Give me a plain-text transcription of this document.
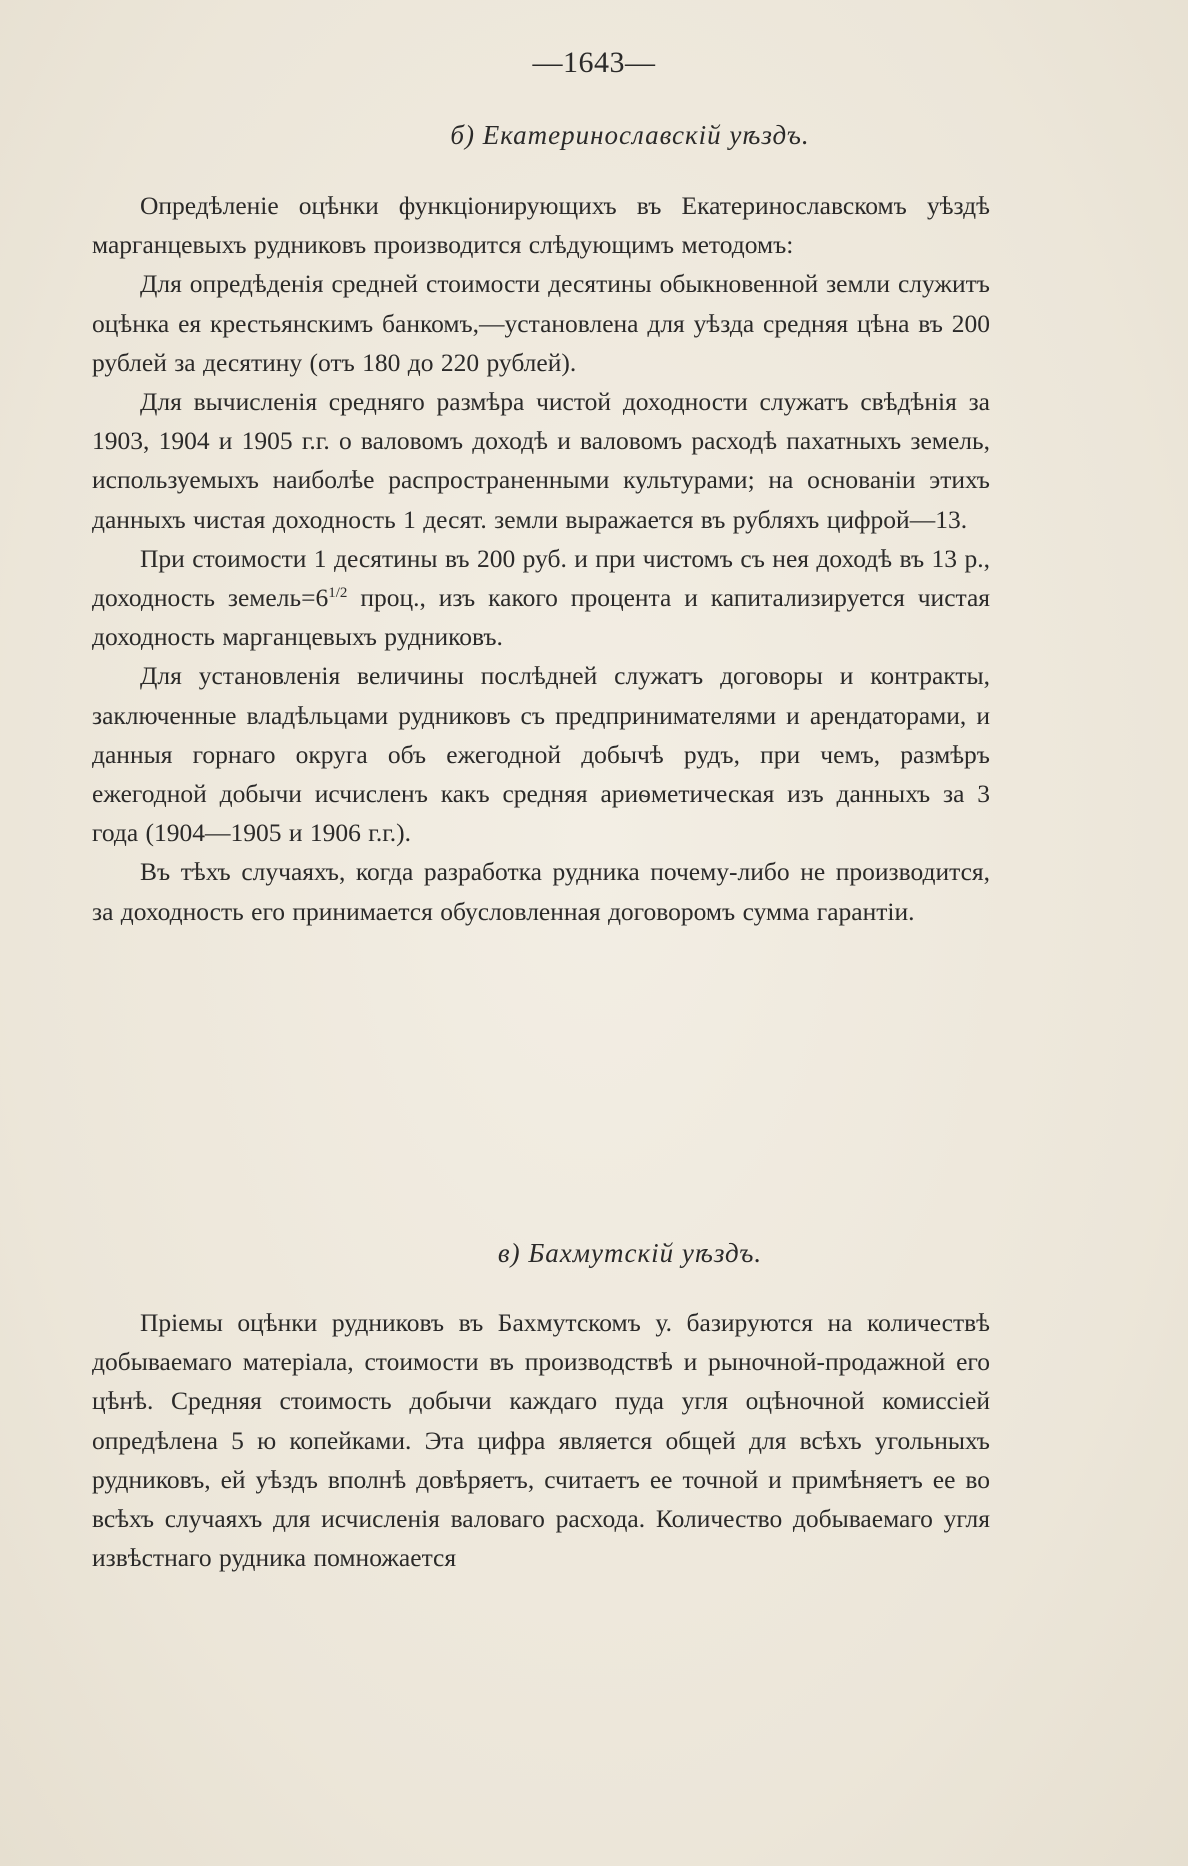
—1643—
б) Екатеринославскій уѣздъ.

Опредѣленіе оцѣнки функціонирующихъ въ Екатеринославскомъ уѣздѣ марганцевыхъ рудниковъ производится слѣдующимъ методомъ:

Для опредѣденія средней стоимости десятины обыкновенной земли служитъ оцѣнка ея крестьянскимъ банкомъ,—установлена для уѣзда средняя цѣна въ 200 рублей за десятину (отъ 180 до 220 рублей).

Для вычисленія средняго размѣра чистой доходности служатъ свѣдѣнія за 1903, 1904 и 1905 г.г. о валовомъ доходѣ и валовомъ расходѣ пахатныхъ земель, используемыхъ наиболѣе распространенными культурами; на основаніи этихъ данныхъ чистая доходность 1 десят. земли выражается въ рубляхъ цифрой—13.

При стоимости 1 десятины въ 200 руб. и при чистомъ съ нея доходѣ въ 13 р., доходность $земель=6^{1/2}$ проц., изъ какого процента и капитализируется чистая доходность марганцевыхъ рудниковъ.

Для установленія величины послѣдней служатъ договоры и контракты, заключенные владѣльцами рудниковъ съ предпринимателями и арендаторами, и данныя горнаго округа объ ежегодной добычѣ рудъ, при чемъ, размѣръ ежегодной добычи исчисленъ какъ средняя ариѳметическая изъ данныхъ за 3 года (1904—1905 и 1906 г.г.).

Въ тѣхъ случаяхъ, когда разработка рудника почему-либо не производится, за доходность его принимается обусловленная договоромъ сумма гарантіи.

в) Бахмутскій уѣздъ.

Пріемы оцѣнки рудниковъ въ Бахмутскомъ у. базируются на количествѣ добываемаго матеріала, стоимости въ производствѣ и рыночной-продажной его цѣнѣ. Средняя стоимость добычи каждаго пуда угля оцѣночной комиссіей опредѣлена 5 ю копейками. Эта цифра является общей для всѣхъ угольныхъ рудниковъ, ей уѣздъ вполнѣ довѣряетъ, считаетъ ее точной и примѣняетъ ее во всѣхъ случаяхъ для исчисленія валоваго расхода. Количество добываемаго угля извѣстнаго рудника помножается
